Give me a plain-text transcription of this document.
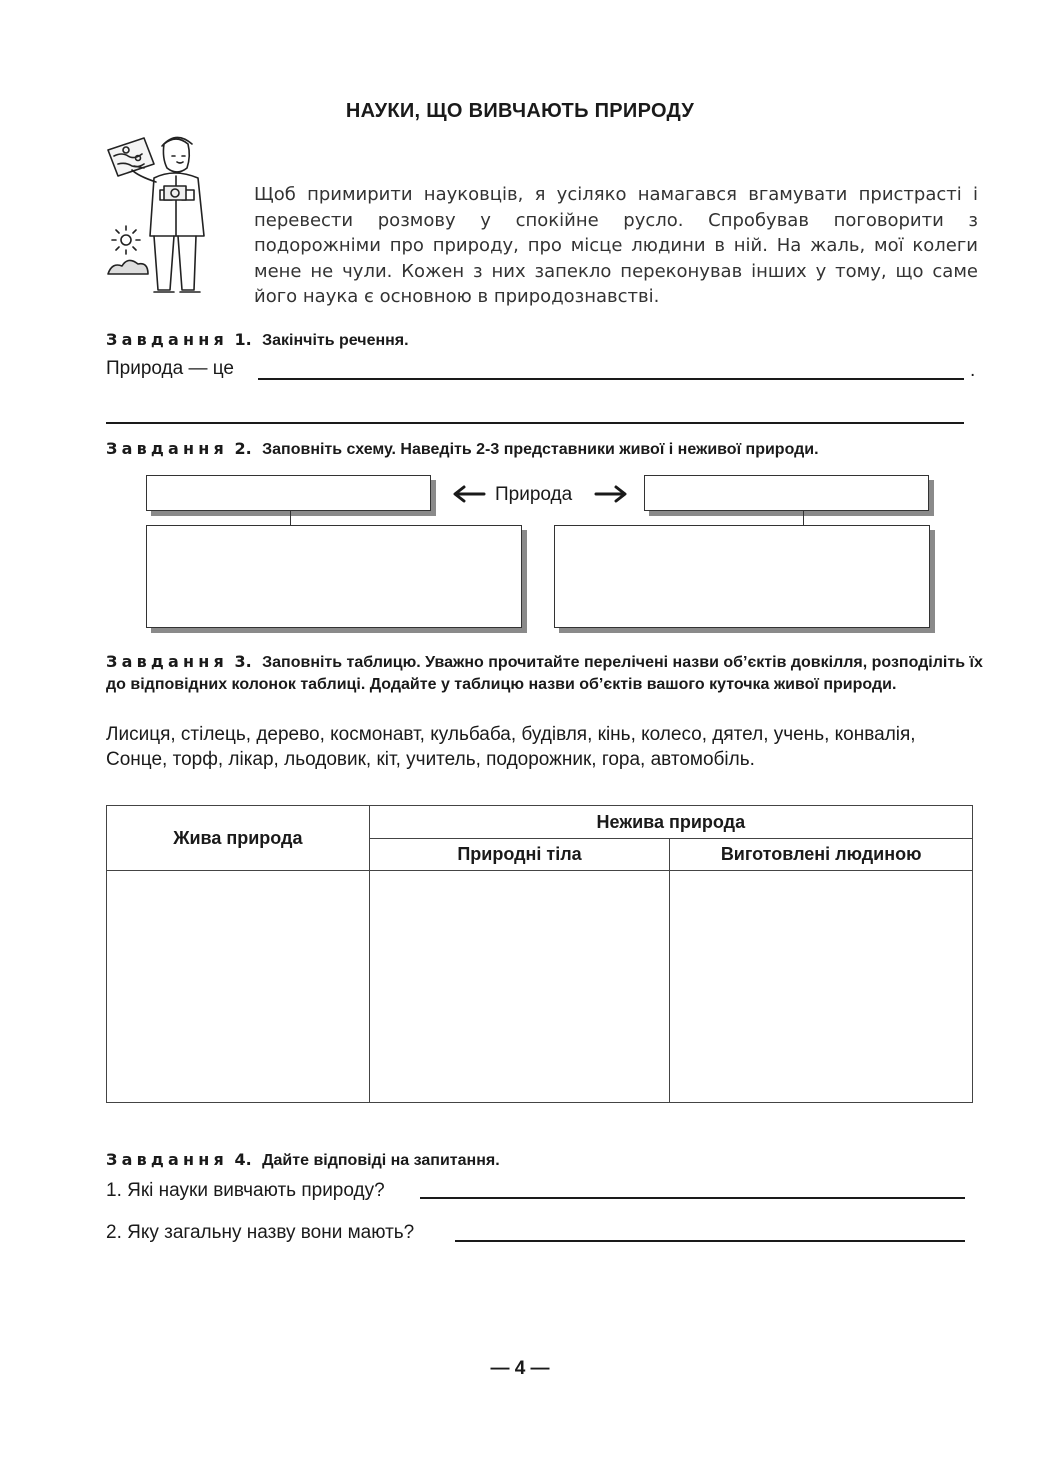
НАУКИ, ЩО ВИВЧАЮТЬ ПРИРОДУ
Щоб примирити науковців, я усіляко намагався вгамувати пристрасті і перевести розмову у спокійне русло. Спробував поговорити з подорожніми про природу, про місце людини в ній. На жаль, мої колеги мене не чули. Кожен з них запекло переконував інших у тому, що саме його наука є основною в природознавстві.
Завдання 1. Закінчіть речення.
Природа — це	.
Завдання 2. Заповніть схему. Наведіть 2-3 представники живої і неживої природи.
Природа
Завдання 3. Заповніть таблицю. Уважно прочитайте перелічені назви об’єктів довкілля, розподіліть їх до відповідних колонок таблиці. Додайте у таблицю назви об’єктів вашого куточка живої природи.
Лисиця, стілець, дерево, космонавт, кульбаба, будівля, кінь, колесо, дятел, учень, конвалія,
Сонце, торф, лікар, льодовик, кіт, учитель, подорожник, гора, автомобіль.
Жива природа	Нежива природа	
	Природні тіла	Виготовлені людиною

Завдання 4. Дайте відповіді на запитання.
1. Які науки вивчають природу?
2. Яку загальну назву вони мають?
— 4 —
